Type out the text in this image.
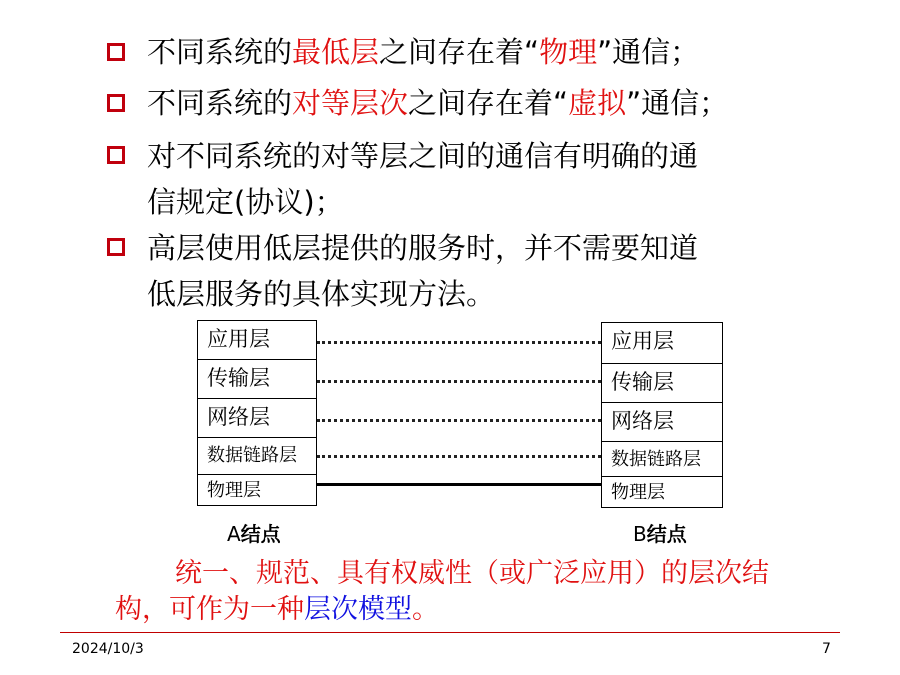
不同系统的最低层之间存在着“物理”通信；
不同系统的对等层次之间存在着“虚拟”通信；
对不同系统的对等层之间的通信有明确的通
信规定(协议)；
高层使用低层提供的服务时，并不需要知道
低层服务的具体实现方法。
应用层
传输层
网络层
数据链路层
物理层
应用层
传输层
网络层
数据链路层
物理层
A结点	B结点
统一、规范、具有权威性（或广泛应用）的层次结
构，可作为一种层次模型。
2024/10/3	7
